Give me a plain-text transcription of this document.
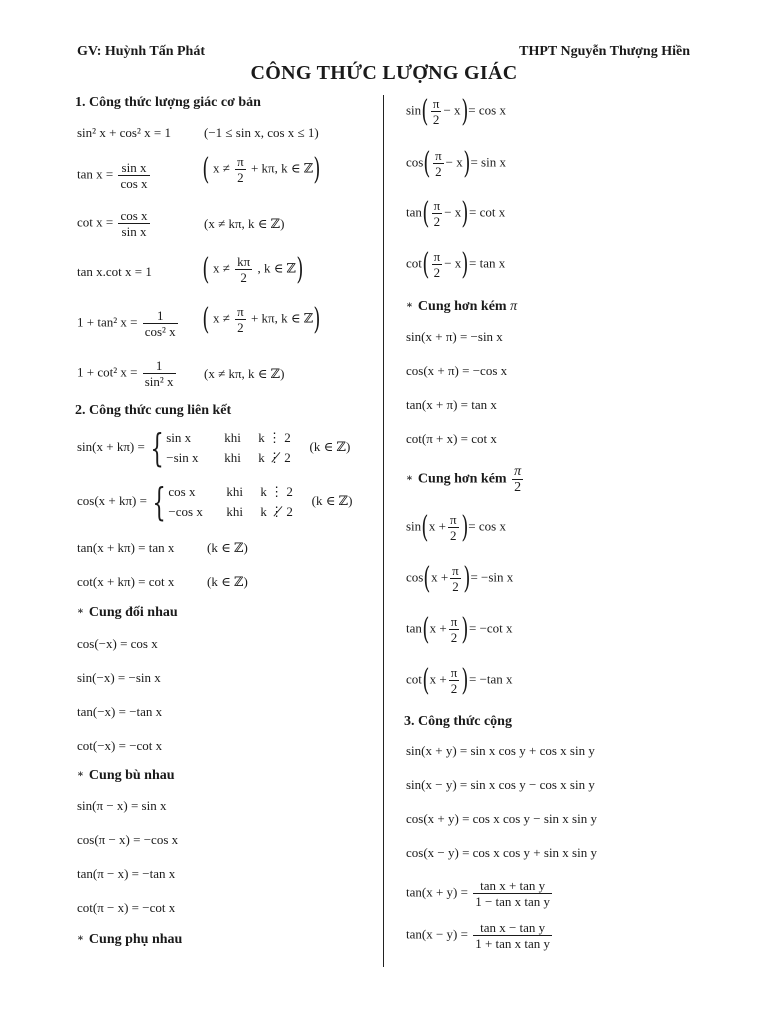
GV: Huỳnh Tấn Phát	THPT Nguyễn Thượng Hiền
CÔNG THỨC LƯỢNG GIÁC
1. Công thức lượng giác cơ bản
sin² x + cos² x = 1	(−1 ≤ sin x, cos x ≤ 1)
$\tan x = \frac{\text{sin x}}{\text{cos x}}$ ( $x \ne \frac{\pi}{2} + k\pi$, k ∈ ℤ)
$\cot x = \frac{\text{cos x}}{\text{sin x}}$	(x ≠ kπ, k ∈ ℤ)
tan x.cot x = 1 ( $x \ne \frac{k\pi}{2}$ , k ∈ ℤ)
1 + tan² $x = \frac{1}{\text{cos² x}}$ ( $x \ne \frac{\pi}{2} + k\pi$, k ∈ ℤ)
1 + cot² $x = \frac{1}{\text{sin² x}} (x \ne k\pi$, k ∈ ℤ)
2. Công thức cung liên kết
sin(x + kπ) = { sin x	khi	k ⋮ 2
−sin x	khi	k ⋮̸ 2
(k ∈ ℤ)
cos(x + kπ) = { cos x	khi	k ⋮ 2
−cos x	khi	k ⋮̸ 2
(k ∈ ℤ)
tan(x + kπ) = tan x	(k ∈ ℤ)
cot(x + kπ) = cot x	(k ∈ ℤ)
∗ Cung đối nhau
cos(−x) = cos x
sin(−x) = −sin x
tan(−x) = −tan x
cot(−x) = −cot x
∗ Cung bù nhau
sin(π − x) = sin x
cos(π − x) = −cos x
tan(π − x) = −tan x
cot(π − x) = −cot x
∗ Cung phụ nhau
$\sin( \frac{\pi}{2} - x)= \cos x$
$\cos( \frac{\pi}{2} - x)= \sin x$
$\tan( \frac{\pi}{2} - x)= \cot x$
$\cot( \frac{\pi}{2} - x)= \tan x$
∗ Cung hơn kém π
sin(x + π) = −sin x
cos(x + π) = −cos x
tan(x + π) = tan x
cot(π + x) = cot x
∗ Cung hơn kém $\frac{\pi}{2}$
$\sin(x + \frac{\pi}{2}$ )= cos x
$\cos(x + \frac{\pi}{2}$ )= −sin x
$\tan(x + \frac{\pi}{2}$ )= −cot x
$\cot(x + \frac{\pi}{2}$ )= −tan x
3. Công thức cộng
sin(x + y) = sin x cos y + cos x sin y
sin(x − y) = sin x cos y − cos x sin y
cos(x + y) = cos x cos y − sin x sin y
cos(x − y) = cos x cos y + sin x sin y
$\tan(x + y) = \frac{\text{tan x + tan y}}{\text{1 − tan x tan y}}$
$\tan(x - y) = \frac{\text{tan x − tan y}}{\text{1 + tan x tan y}}$
